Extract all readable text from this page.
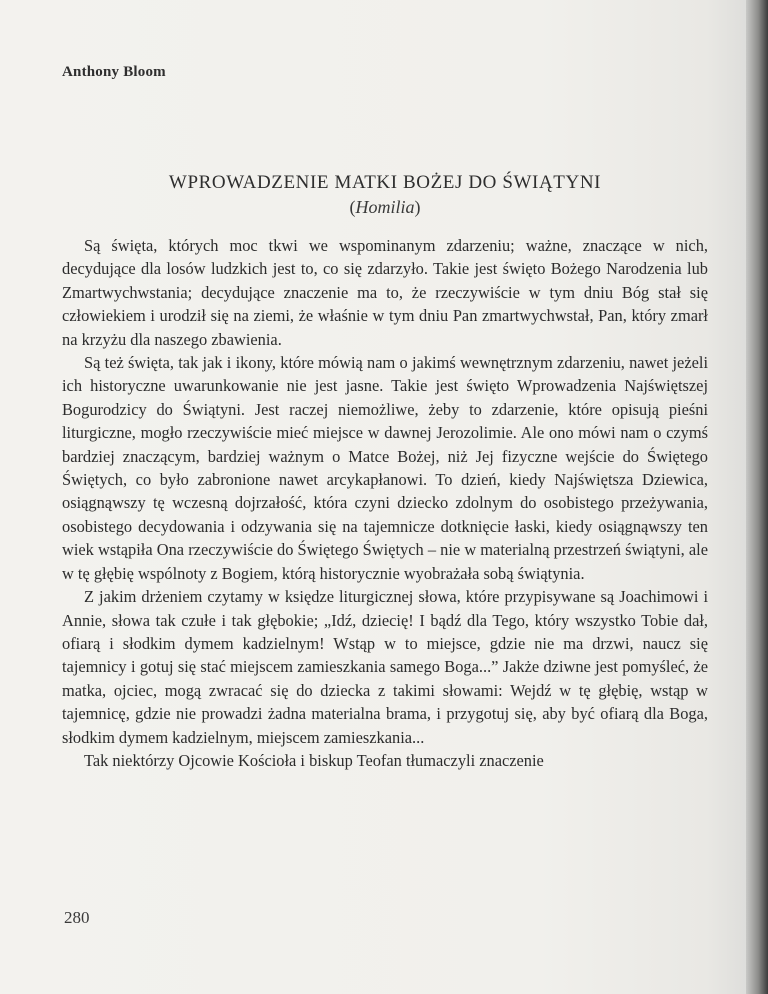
Anthony Bloom
WPROWADZENIE MATKI BOŻEJ DO ŚWIĄTYNI
(Homilia)

Są święta, których moc tkwi we wspominanym zdarzeniu; ważne, znaczące w nich, decydujące dla losów ludzkich jest to, co się zdarzyło. Takie jest święto Bożego Narodzenia lub Zmartwychwstania; decydujące znaczenie ma to, że rzeczywiście w tym dniu Bóg stał się człowiekiem i urodził się na ziemi, że właśnie w tym dniu Pan zmartwychwstał, Pan, który zmarł na krzyżu dla naszego zbawienia.

Są też święta, tak jak i ikony, które mówią nam o jakimś wewnętrznym zdarzeniu, nawet jeżeli ich historyczne uwarunkowanie nie jest jasne. Takie jest święto Wprowadzenia Najświętszej Bogurodzicy do Świątyni. Jest raczej niemożliwe, żeby to zdarzenie, które opisują pieśni liturgiczne, mogło rzeczywiście mieć miejsce w dawnej Jerozolimie. Ale ono mówi nam o czymś bardziej znaczącym, bardziej ważnym o Matce Bożej, niż Jej fizyczne wejście do Świętego Świętych, co było zabronione nawet arcykapłanowi. To dzień, kiedy Najświętsza Dziewica, osiągnąwszy tę wczesną dojrzałość, która czyni dziecko zdolnym do osobistego przeżywania, osobistego decydowania i odzywania się na tajemnicze dotknięcie łaski, kiedy osiągnąwszy ten wiek wstąpiła Ona rzeczywiście do Świętego Świętych – nie w materialną przestrzeń świątyni, ale w tę głębię wspólnoty z Bogiem, którą historycznie wyobrażała sobą świątynia.

Z jakim drżeniem czytamy w księdze liturgicznej słowa, które przypisywane są Joachimowi i Annie, słowa tak czułe i tak głębokie; „Idź, dziecię! I bądź dla Tego, który wszystko Tobie dał, ofiarą i słodkim dymem kadzielnym! Wstąp w to miejsce, gdzie nie ma drzwi, naucz się tajemnicy i gotuj się stać miejscem zamieszkania samego Boga...” Jakże dziwne jest pomyśleć, że matka, ojciec, mogą zwracać się do dziecka z takimi słowami: Wejdź w tę głębię, wstąp w tajemnicę, gdzie nie prowadzi żadna materialna brama, i przygotuj się, aby być ofiarą dla Boga, słodkim dymem kadzielnym, miejscem zamieszkania...

Tak niektórzy Ojcowie Kościoła i biskup Teofan tłumaczyli znaczenie

280
